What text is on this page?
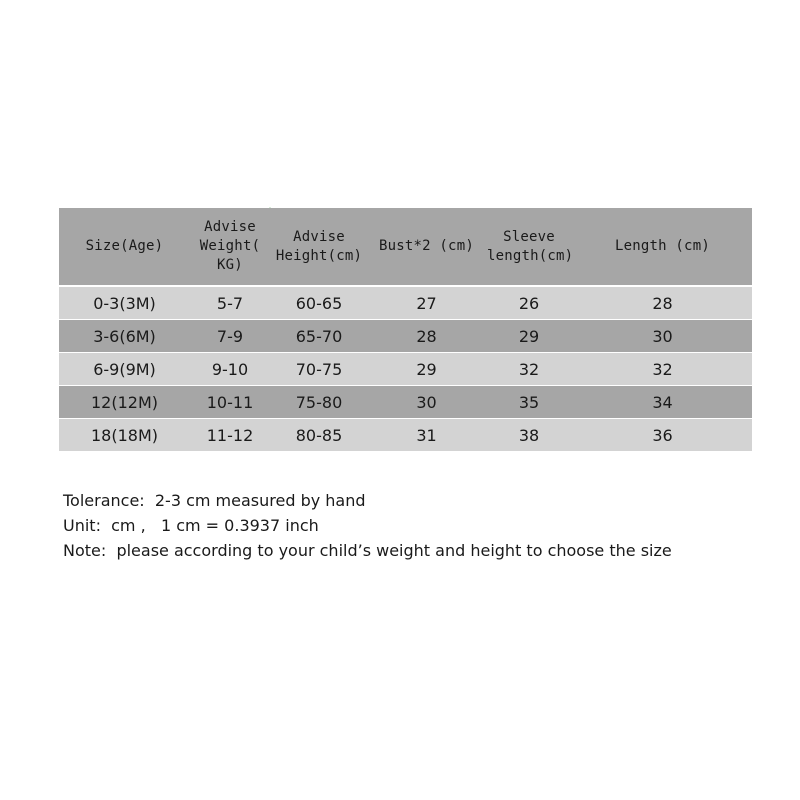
Size(Age)	Advise Weight( KG)	Advise Height(cm)	Bust*2 (cm)	Sleeve length(cm)	Length (cm)
0-3(3M)	5-7	60-65	27	26	28
3-6(6M)	7-9	65-70	28	29	30
6-9(9M)	9-10	70-75	29	32	32
12(12M)	10-11	75-80	30	35	34
18(18M)	11-12	80-85	31	38	36

Tolerance:  2-3 cm measured by hand

Unit:  cm ,   1 cm = 0.3937 inch

Note:  please according to your child’s weight and height to choose the size
